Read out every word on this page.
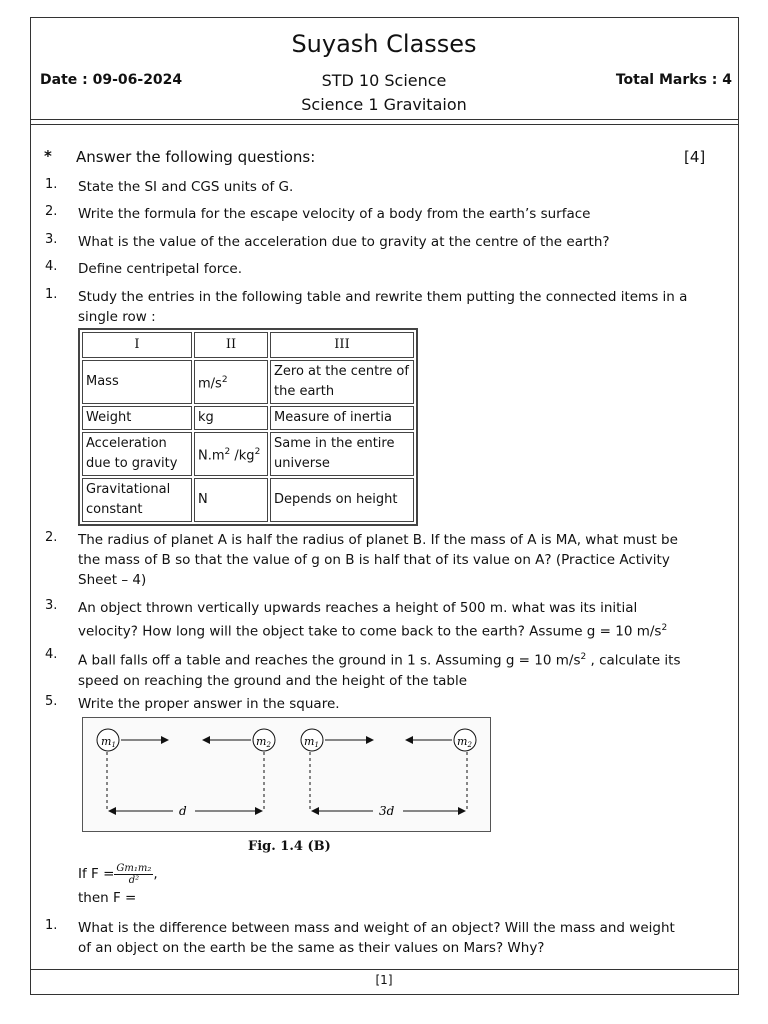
Suyash Classes
Date : 09-06-2024	STD 10 Science	Total Marks : 4
Science 1 Gravitaion
* Answer the following questions:	[4]
1. State the SI and CGS units of G.
2. Write the formula for the escape velocity of a body from the earth’s surface
3. What is the value of the acceleration due to gravity at the centre of the earth?
4. Define centripetal force.
1. Study the entries in the following table and rewrite them putting the connected items in a single row :
I	II	III
Mass	$m/s^2$	Zero at the centre of the earth
Weight	kg	Measure of inertia
Acceleration due to gravity	$N.m^2$ $/kg^2$	Same in the entire universe
Gravitational constant	N	Depends on height
2. The radius of planet A is half the radius of planet B. If the mass of A is MA, what must be the mass of B so that the value of g on B is half that of its value on A? (Practice Activity Sheet – 4)
3. An object thrown vertically upwards reaches a height of 500 m. what was its initial velocity? How long will the object take to come back to the earth? Assume g = 10 $m/s^2$
4. A ball falls off a table and reaches the ground in 1 s. Assuming g = 10 $m/s^2$ , calculate its speed on reaching the ground and the height of the table
5. Write the proper answer in the square.
m1	m2
d
m1	m2
3d
Fig. 1.4 (B)
If $F = \frac{\text{Gm₁m₂}}{\text{d²}}$ ,
then F =
1. What is the difference between mass and weight of an object? Will the mass and weight of an object on the earth be the same as their values on Mars? Why?
[1]
